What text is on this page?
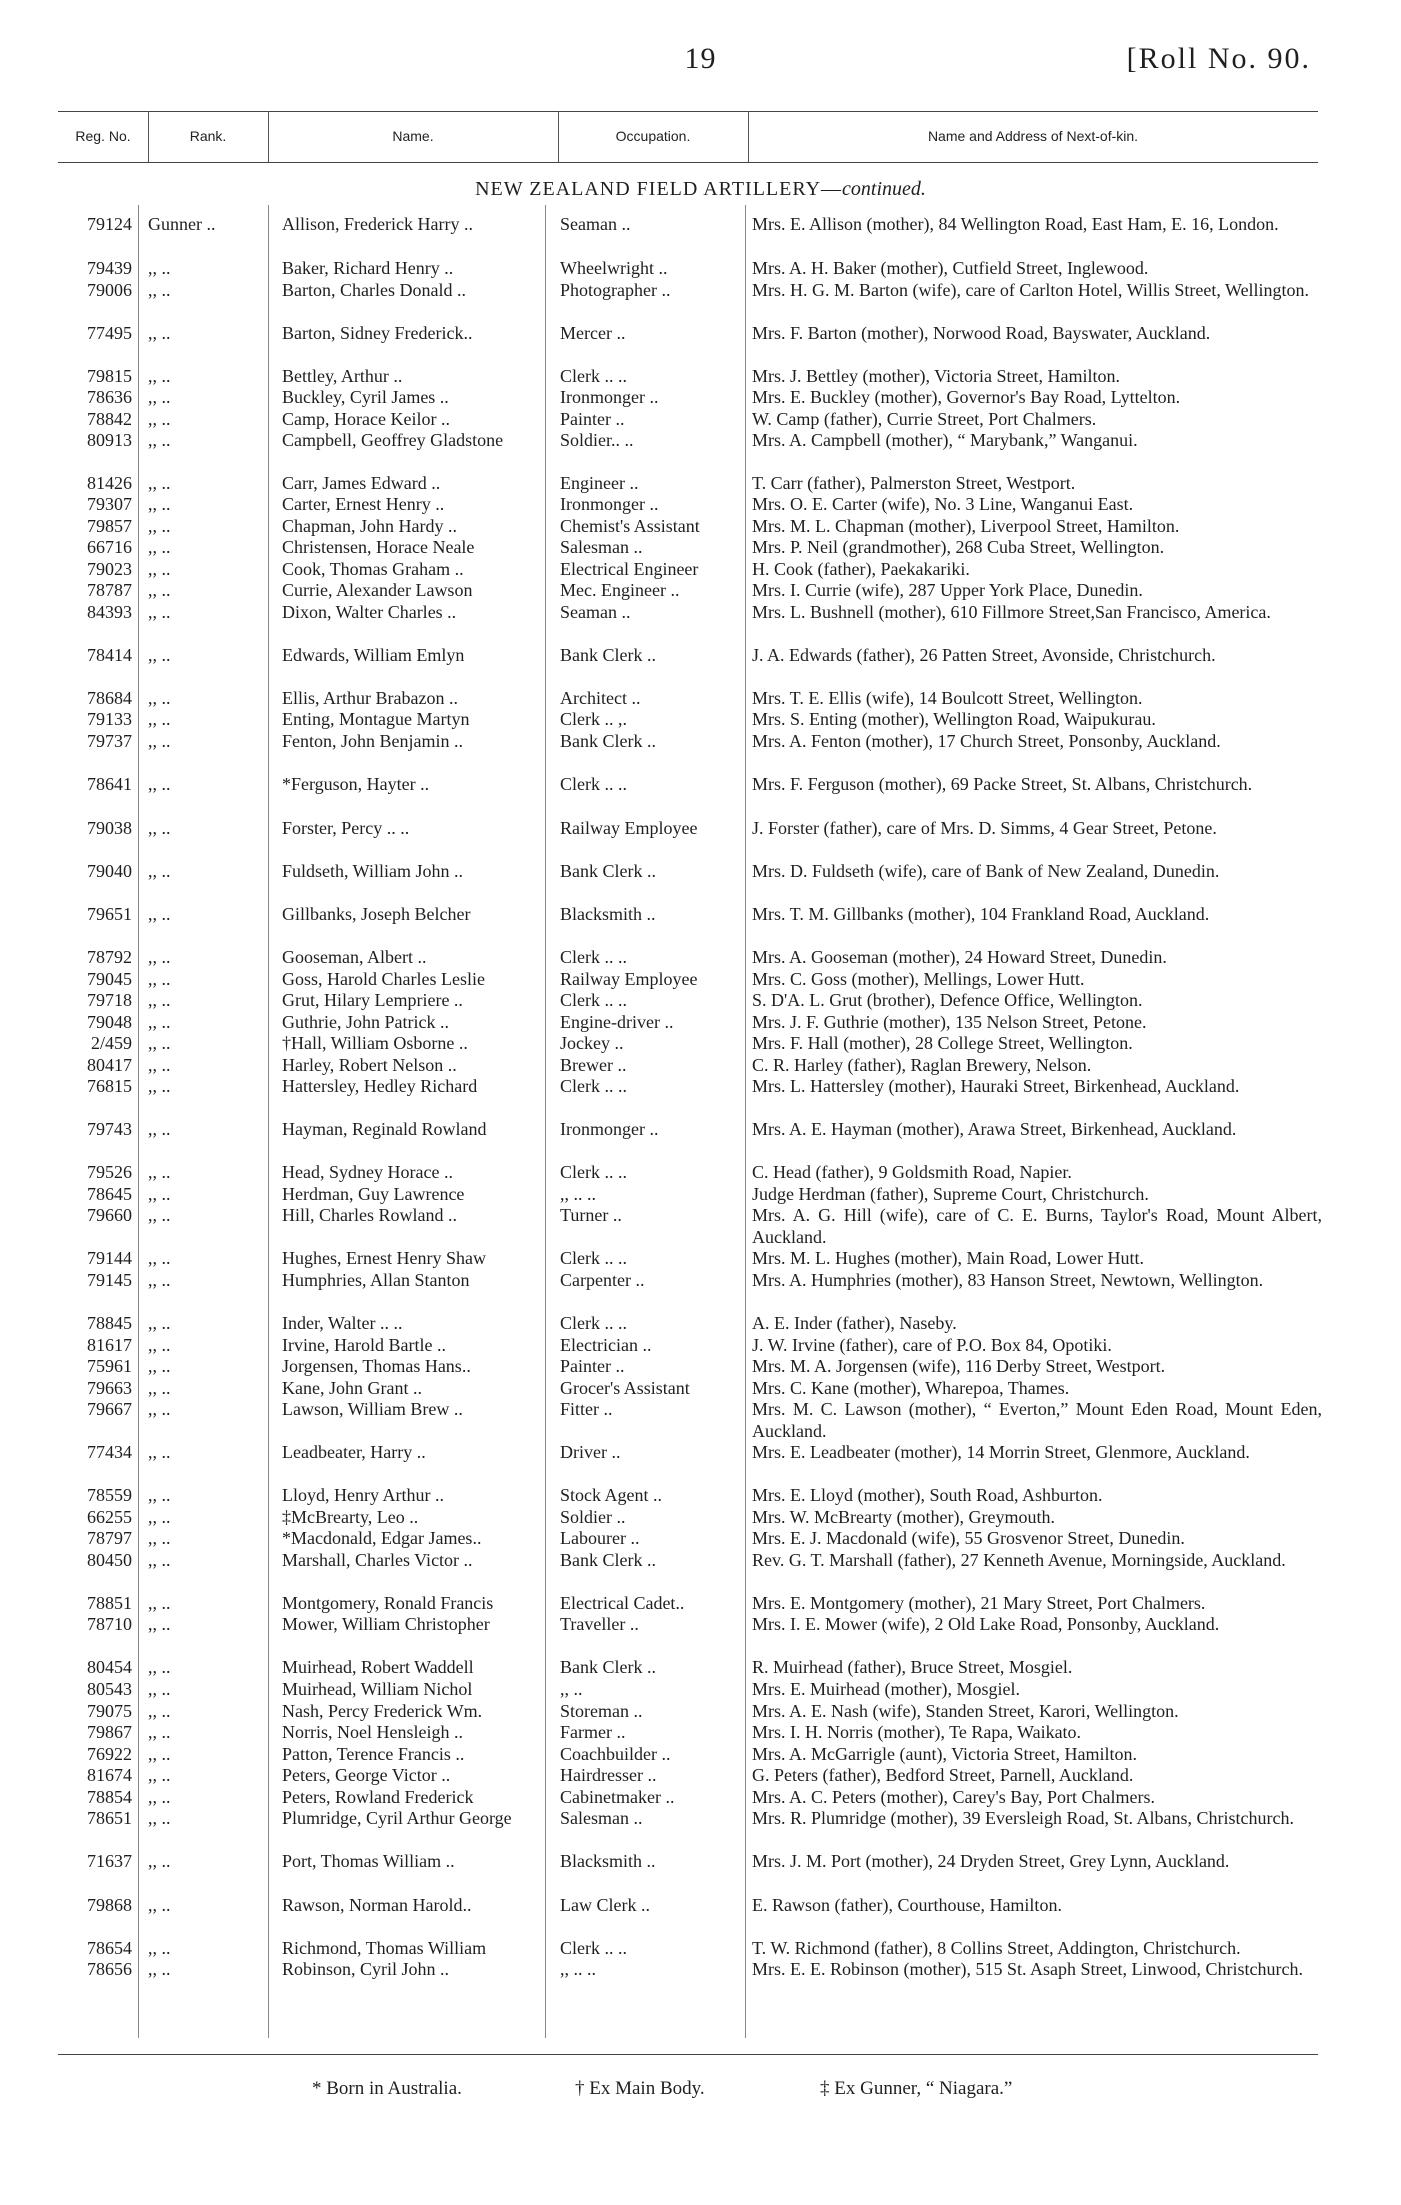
19	[Roll No. 90.
Reg. No.	Rank.	Name.	Occupation.	Name and Address of Next-of-kin.
NEW ZEALAND FIELD ARTILLERY—continued.
79124 Gunner ..	Allison, Frederick Harry ..	Seaman ..	Mrs. E. Allison (mother), 84 Wellington Road, East Ham, E. 16, London.
79439 ,, ..	Baker, Richard Henry ..	Wheelwright ..	Mrs. A. H. Baker (mother), Cutfield Street, Inglewood.
79006 ,, ..	Barton, Charles Donald ..	Photographer ..	Mrs. H. G. M. Barton (wife), care of Carlton Hotel, Willis Street, Wellington.
77495 ,, ..	Barton, Sidney Frederick..	Mercer ..	Mrs. F. Barton (mother), Norwood Road, Bayswater, Auckland.
79815 ,, ..	Bettley, Arthur ..	Clerk .. ..	Mrs. J. Bettley (mother), Victoria Street, Hamilton.
78636 ,, ..	Buckley, Cyril James ..	Ironmonger ..	Mrs. E. Buckley (mother), Governor's Bay Road, Lyttelton.
78842 ,, ..	Camp, Horace Keilor ..	Painter ..	W. Camp (father), Currie Street, Port Chalmers.
80913 ,, ..	Campbell, Geoffrey Gladstone	Soldier.. ..	Mrs. A. Campbell (mother), “ Marybank,” Wanganui.
81426 ,, ..	Carr, James Edward ..	Engineer ..	T. Carr (father), Palmerston Street, Westport.
79307 ,, ..	Carter, Ernest Henry ..	Ironmonger ..	Mrs. O. E. Carter (wife), No. 3 Line, Wanganui East.
79857 ,, ..	Chapman, John Hardy ..	Chemist's Assistant	Mrs. M. L. Chapman (mother), Liverpool Street, Hamilton.
66716 ,, ..	Christensen, Horace Neale	Salesman ..	Mrs. P. Neil (grandmother), 268 Cuba Street, Wellington.
79023 ,, ..	Cook, Thomas Graham ..	Electrical Engineer	H. Cook (father), Paekakariki.
78787 ,, ..	Currie, Alexander Lawson	Mec. Engineer ..	Mrs. I. Currie (wife), 287 Upper York Place, Dunedin.
84393 ,, ..	Dixon, Walter Charles ..	Seaman ..	Mrs. L. Bushnell (mother), 610 Fillmore Street,San Francisco, America.
78414 ,, ..	Edwards, William Emlyn	Bank Clerk ..	J. A. Edwards (father), 26 Patten Street, Avonside, Christchurch.
78684 ,, ..	Ellis, Arthur Brabazon ..	Architect ..	Mrs. T. E. Ellis (wife), 14 Boulcott Street, Wellington.
79133 ,, ..	Enting, Montague Martyn	Clerk .. ,.	Mrs. S. Enting (mother), Wellington Road, Waipukurau.
79737 ,, ..	Fenton, John Benjamin ..	Bank Clerk ..	Mrs. A. Fenton (mother), 17 Church Street, Ponsonby, Auckland.
78641 ,, ..	*Ferguson, Hayter ..	Clerk .. ..	Mrs. F. Ferguson (mother), 69 Packe Street, St. Albans, Christchurch.
79038 ,, ..	Forster, Percy .. ..	Railway Employee	J. Forster (father), care of Mrs. D. Simms, 4 Gear Street, Petone.
79040 ,, ..	Fuldseth, William John ..	Bank Clerk ..	Mrs. D. Fuldseth (wife), care of Bank of New Zealand, Dunedin.
79651 ,, ..	Gillbanks, Joseph Belcher	Blacksmith ..	Mrs. T. M. Gillbanks (mother), 104 Frankland Road, Auckland.
78792 ,, ..	Gooseman, Albert ..	Clerk .. ..	Mrs. A. Gooseman (mother), 24 Howard Street, Dunedin.
79045 ,, ..	Goss, Harold Charles Leslie	Railway Employee	Mrs. C. Goss (mother), Mellings, Lower Hutt.
79718 ,, ..	Grut, Hilary Lempriere ..	Clerk .. ..	S. D'A. L. Grut (brother), Defence Office, Wellington.
79048 ,, ..	Guthrie, John Patrick ..	Engine-driver ..	Mrs. J. F. Guthrie (mother), 135 Nelson Street, Petone.
2/459 ,, ..	†Hall, William Osborne ..	Jockey ..	Mrs. F. Hall (mother), 28 College Street, Wellington.
80417 ,, ..	Harley, Robert Nelson ..	Brewer ..	C. R. Harley (father), Raglan Brewery, Nelson.
76815 ,, ..	Hattersley, Hedley Richard	Clerk .. ..	Mrs. L. Hattersley (mother), Hauraki Street, Birkenhead, Auckland.
79743 ,, ..	Hayman, Reginald Rowland	Ironmonger ..	Mrs. A. E. Hayman (mother), Arawa Street, Birkenhead, Auckland.
79526 ,, ..	Head, Sydney Horace ..	Clerk .. ..	C. Head (father), 9 Goldsmith Road, Napier.
78645 ,, ..	Herdman, Guy Lawrence	,, .. ..	Judge Herdman (father), Supreme Court, Christchurch.
79660 ,, ..	Hill, Charles Rowland ..	Turner ..	Mrs. A. G. Hill (wife), care of C. E. Burns, Taylor's Road, Mount Albert, Auckland.
79144 ,, ..	Hughes, Ernest Henry Shaw	Clerk .. ..	Mrs. M. L. Hughes (mother), Main Road, Lower Hutt.
79145 ,, ..	Humphries, Allan Stanton	Carpenter ..	Mrs. A. Humphries (mother), 83 Hanson Street, Newtown, Wellington.
78845 ,, ..	Inder, Walter .. ..	Clerk .. ..	A. E. Inder (father), Naseby.
81617 ,, ..	Irvine, Harold Bartle ..	Electrician ..	J. W. Irvine (father), care of P.O. Box 84, Opotiki.
75961 ,, ..	Jorgensen, Thomas Hans..	Painter ..	Mrs. M. A. Jorgensen (wife), 116 Derby Street, Westport.
79663 ,, ..	Kane, John Grant ..	Grocer's Assistant	Mrs. C. Kane (mother), Wharepoa, Thames.
79667 ,, ..	Lawson, William Brew ..	Fitter ..	Mrs. M. C. Lawson (mother), “ Everton,” Mount Eden Road, Mount Eden, Auckland.
77434 ,, ..	Leadbeater, Harry ..	Driver ..	Mrs. E. Leadbeater (mother), 14 Morrin Street, Glenmore, Auckland.
78559 ,, ..	Lloyd, Henry Arthur ..	Stock Agent ..	Mrs. E. Lloyd (mother), South Road, Ashburton.
66255 ,, ..	‡McBrearty, Leo ..	Soldier ..	Mrs. W. McBrearty (mother), Greymouth.
78797 ,, ..	*Macdonald, Edgar James..	Labourer ..	Mrs. E. J. Macdonald (wife), 55 Grosvenor Street, Dunedin.
80450 ,, ..	Marshall, Charles Victor ..	Bank Clerk ..	Rev. G. T. Marshall (father), 27 Kenneth Avenue, Morningside, Auckland.
78851 ,, ..	Montgomery, Ronald Francis	Electrical Cadet..	Mrs. E. Montgomery (mother), 21 Mary Street, Port Chalmers.
78710 ,, ..	Mower, William Christopher	Traveller ..	Mrs. I. E. Mower (wife), 2 Old Lake Road, Ponsonby, Auckland.
80454 ,, ..	Muirhead, Robert Waddell	Bank Clerk ..	R. Muirhead (father), Bruce Street, Mosgiel.
80543 ,, ..	Muirhead, William Nichol	,, ..	Mrs. E. Muirhead (mother), Mosgiel.
79075 ,, ..	Nash, Percy Frederick Wm.	Storeman ..	Mrs. A. E. Nash (wife), Standen Street, Karori, Wellington.
79867 ,, ..	Norris, Noel Hensleigh ..	Farmer ..	Mrs. I. H. Norris (mother), Te Rapa, Waikato.
76922 ,, ..	Patton, Terence Francis ..	Coachbuilder ..	Mrs. A. McGarrigle (aunt), Victoria Street, Hamilton.
81674 ,, ..	Peters, George Victor ..	Hairdresser ..	G. Peters (father), Bedford Street, Parnell, Auckland.
78854 ,, ..	Peters, Rowland Frederick	Cabinetmaker ..	Mrs. A. C. Peters (mother), Carey's Bay, Port Chalmers.
78651 ,, ..	Plumridge, Cyril Arthur George	Salesman ..	Mrs. R. Plumridge (mother), 39 Eversleigh Road, St. Albans, Christchurch.
71637 ,, ..	Port, Thomas William ..	Blacksmith ..	Mrs. J. M. Port (mother), 24 Dryden Street, Grey Lynn, Auckland.
79868 ,, ..	Rawson, Norman Harold..	Law Clerk ..	E. Rawson (father), Courthouse, Hamilton.
78654 ,, ..	Richmond, Thomas William	Clerk .. ..	T. W. Richmond (father), 8 Collins Street, Addington, Christchurch.
78656 ,, ..	Robinson, Cyril John ..	,, .. ..	Mrs. E. E. Robinson (mother), 515 St. Asaph Street, Linwood, Christchurch.
* Born in Australia.	† Ex Main Body.	‡ Ex Gunner, “ Niagara.”
